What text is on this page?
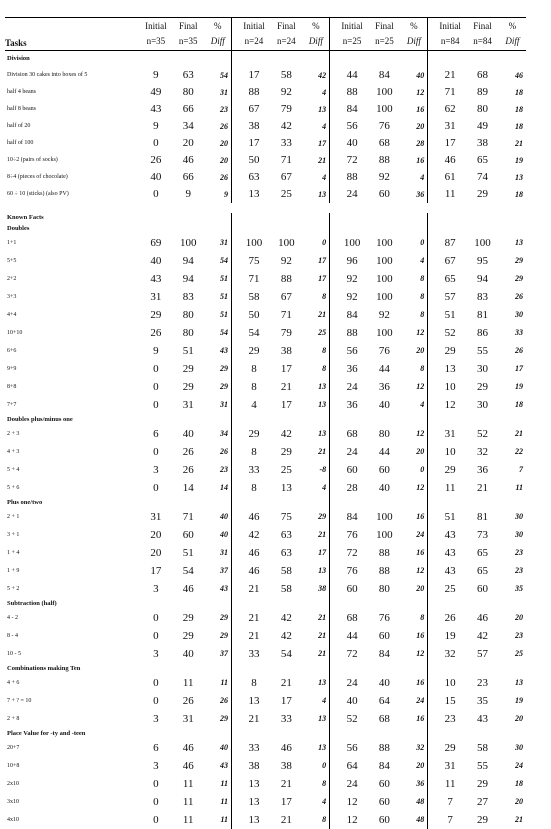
	Initial	Final	%		Initial	Final	%		Initial	Final	%		Initial	Final	%
Tasks	n=35	n=35	Diff		n=24	n=24	Diff		n=25	n=25	Diff		n=84	n=84	Diff
Division															
Division 30 cakes into boxes of 5	9	63	54		17	58	42		44	84	40		21	68	46
half 4 beans	49	80	31		88	92	4		88	100	12		71	89	18
half 8 beans	43	66	23		67	79	13		84	100	16		62	80	18
half of 20	9	34	26		38	42	4		56	76	20		31	49	18
half of 100	0	20	20		17	33	17		40	68	28		17	38	21
10÷2 (pairs of socks)	26	46	20		50	71	21		72	88	16		46	65	19
8÷4 (pieces of chocolate)	40	66	26		63	67	4		88	92	4		61	74	13
60 ÷ 10 (sticks) (also PV)	0	9	9		13	25	13		24	60	36		11	29	18

Known Facts															
Doubles															
1+1	69	100	31		100	100	0		100	100	0		87	100	13
5+5	40	94	54		75	92	17		96	100	4		67	95	29
2+2	43	94	51		71	88	17		92	100	8		65	94	29
3+3	31	83	51		58	67	8		92	100	8		57	83	26
4+4	29	80	51		50	71	21		84	92	8		51	81	30
10+10	26	80	54		54	79	25		88	100	12		52	86	33
6+6	9	51	43		29	38	8		56	76	20		29	55	26
9+9	0	29	29		8	17	8		36	44	8		13	30	17
8+8	0	29	29		8	21	13		24	36	12		10	29	19
7+7	0	31	31		4	17	13		36	40	4		12	30	18
Doubles plus/minus one															
2 + 3	6	40	34		29	42	13		68	80	12		31	52	21
4 + 3	0	26	26		8	29	21		24	44	20		10	32	22
5 + 4	3	26	23		33	25	-8		60	60	0		29	36	7
5 + 6	0	14	14		8	13	4		28	40	12		11	21	11
Plus one/two															
2 + 1	31	71	40		46	75	29		84	100	16		51	81	30
3 + 1	20	60	40		42	63	21		76	100	24		43	73	30
1 + 4	20	51	31		46	63	17		72	88	16		43	65	23
1 + 9	17	54	37		46	58	13		76	88	12		43	65	23
5 + 2	3	46	43		21	58	38		60	80	20		25	60	35
Subtraction (half)															
4 - 2	0	29	29		21	42	21		68	76	8		26	46	20
8 - 4	0	29	29		21	42	21		44	60	16		19	42	23
10 - 5	3	40	37		33	54	21		72	84	12		32	57	25
Combinations making Ten															
4 + 6	0	11	11		8	21	13		24	40	16		10	23	13
7 + ? = 10	0	26	26		13	17	4		40	64	24		15	35	19
2 + 8	3	31	29		21	33	13		52	68	16		23	43	20
Place Value for -ty and -teen															
20+7	6	46	40		33	46	13		56	88	32		29	58	30
10+8	3	46	43		38	38	0		64	84	20		31	55	24
2x10	0	11	11		13	21	8		24	60	36		11	29	18
3x10	0	11	11		13	17	4		12	60	48		7	27	20
4x10	0	11	11		13	21	8		12	60	48		7	29	21
